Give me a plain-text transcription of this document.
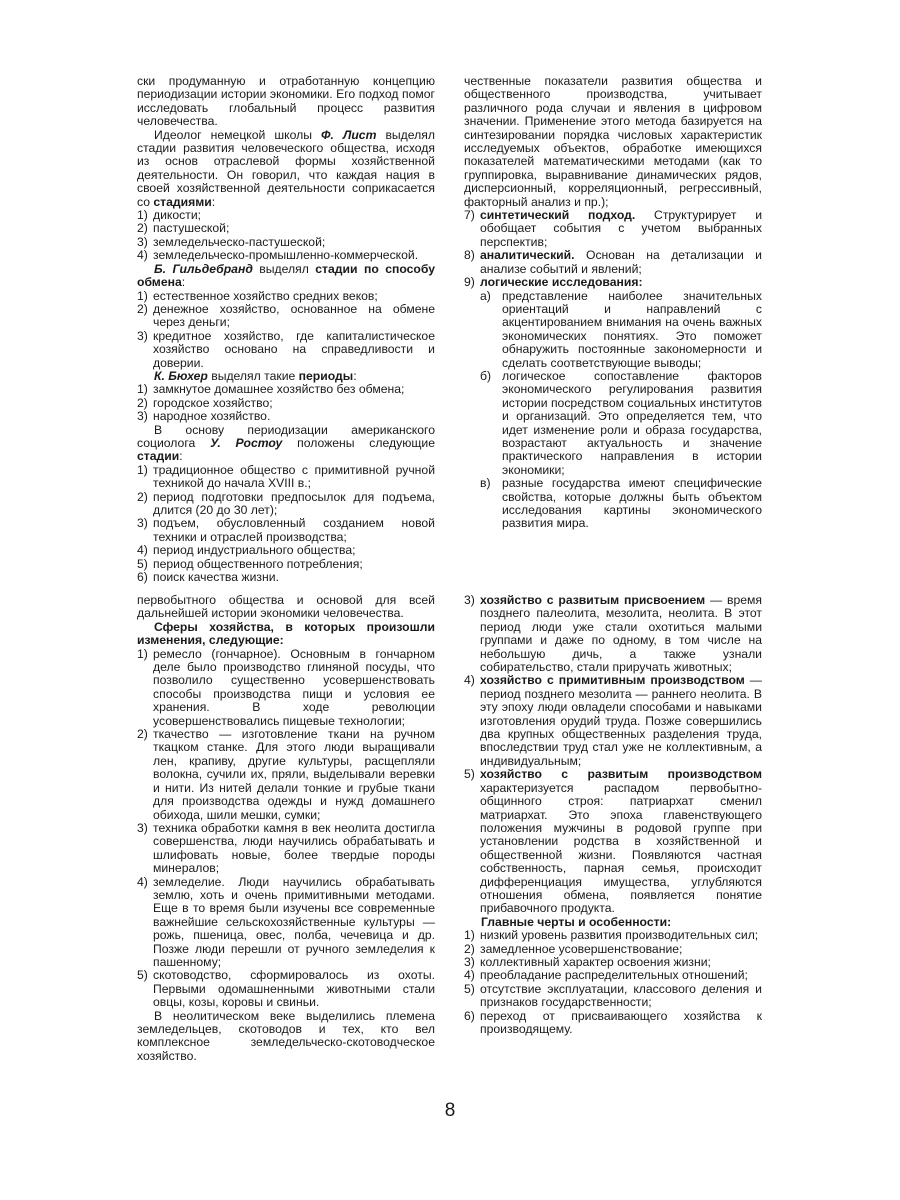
ски продуманную и отработанную концепцию периодизации истории экономики. Его подход помог исследовать глобальный процесс развития человечества.

Идеолог немецкой школы Ф. Лист выделял стадии развития человеческого общества, исходя из основ отраслевой формы хозяйственной деятельности. Он говорил, что каждая нация в своей хозяйственной деятельности соприкасается со стадиями:

1) дикости;
2) пастушеской;
3) земледельческо-пастушеской;
4) земледельческо-промышленно-коммерческой.

Б. Гильдебранд выделял стадии по способу обмена:

1) естественное хозяйство средних веков;
2) денежное хозяйство, основанное на обмене через деньги;
3) кредитное хозяйство, где капиталистическое хозяйство основано на справедливости и доверии.

К. Бюхер выделял такие периоды:

1) замкнутое домашнее хозяйство без обмена;
2) городское хозяйство;
3) народное хозяйство.

В основу периодизации американского социолога У. Ростоу положены следующие стадии:

1) традиционное общество с примитивной ручной техникой до начала XVIII в.;
2) период подготовки предпосылок для подъема, длится (20 до 30 лет);
3) подъем, обусловленный созданием новой техники и отраслей производства;
4) период индустриального общества;
5) период общественного потребления;
6) поиск качества жизни.

чественные показатели развития общества и общественного производства, учитывает различного рода случаи и явления в цифровом значении. Применение этого метода базируется на синтезировании порядка числовых характеристик исследуемых объектов, обработке имеющихся показателей математическими методами (как то группировка, выравнивание динамических рядов, дисперсионный, корреляционный, регрессивный, факторный анализ и пр.);

7) синтетический подход. Структурирует и обобщает события с учетом выбранных перспектив;
8) аналитический. Основан на детализации и анализе событий и явлений;
9) логические исследования:
а) представление наиболее значительных ориентаций и направлений с акцентированием внимания на очень важных экономических понятиях. Это поможет обнаружить постоянные закономерности и сделать соответствующие выводы;
б) логическое сопоставление факторов экономического регулирования развития истории посредством социальных институтов и организаций. Это определяется тем, что идет изменение роли и образа государства, возрастают актуальность и значение практического направления в истории экономики;
в) разные государства имеют специфические свойства, которые должны быть объектом исследования картины экономического развития мира.

первобытного общества и основой для всей дальнейшей истории экономики человечества.

Сферы хозяйства, в которых произошли изменения, следующие:

1) ремесло (гончарное). Основным в гончарном деле было производство глиняной посуды, что позволило существенно усовершенствовать способы производства пищи и условия ее хранения. В ходе революции усовершенствовались пищевые технологии;
2) ткачество — изготовление ткани на ручном ткацком станке. Для этого люди выращивали лен, крапиву, другие культуры, расщепляли волокна, сучили их, пряли, выделывали веревки и нити. Из нитей делали тонкие и грубые ткани для производства одежды и нужд домашнего обихода, шили мешки, сумки;
3) техника обработки камня в век неолита достигла совершенства, люди научились обрабатывать и шлифовать новые, более твердые породы минералов;
4) земледелие. Люди научились обрабатывать землю, хоть и очень примитивными методами. Еще в то время были изучены все современные важнейшие сельскохозяйственные культуры — рожь, пшеница, овес, полба, чечевица и др. Позже люди перешли от ручного земледелия к пашенному;
5) скотоводство, сформировалось из охоты. Первыми одомашненными животными стали овцы, козы, коровы и свиньи.

В неолитическом веке выделились племена земледельцев, скотоводов и тех, кто вел комплексное земледельческо-скотоводческое хозяйство.

3) хозяйство с развитым присвоением — время позднего палеолита, мезолита, неолита. В этот период люди уже стали охотиться малыми группами и даже по одному, в том числе на небольшую дичь, а также узнали собирательство, стали приручать животных;
4) хозяйство с примитивным производством — период позднего мезолита — раннего неолита. В эту эпоху люди овладели способами и навыками изготовления орудий труда. Позже совершились два крупных общественных разделения труда, впоследствии труд стал уже не коллективным, а индивидуальным;
5) хозяйство с развитым производством характеризуется распадом первобытно-общинного строя: патриархат сменил матриархат. Это эпоха главенствующего положения мужчины в родовой группе при установлении родства в хозяйственной и общественной жизни. Появляются частная собственность, парная семья, происходит дифференциация имущества, углубляются отношения обмена, появляется понятие прибавочного продукта.

Главные черты и особенности:

1) низкий уровень развития производительных сил;
2) замедленное усовершенствование;
3) коллективный характер освоения жизни;
4) преобладание распределительных отношений;
5) отсутствие эксплуатации, классового деления и признаков государственности;
6) переход от присваивающего хозяйства к производящему.
8
